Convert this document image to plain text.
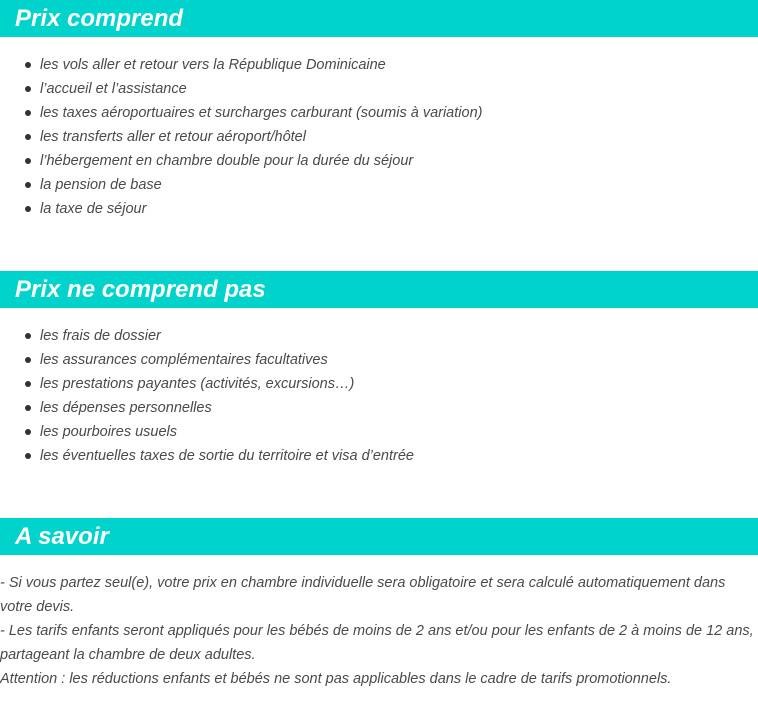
Prix comprend
les vols aller et retour vers la République Dominicaine
l’accueil et l’assistance
les taxes aéroportuaires et surcharges carburant (soumis à variation)
les transferts aller et retour aéroport/hôtel
l’hébergement en chambre double pour la durée du séjour
la pension de base
la taxe de séjour
Prix ne comprend pas
les frais de dossier
les assurances complémentaires facultatives
les prestations payantes (activités, excursions…)
les dépenses personnelles
les pourboires usuels
les éventuelles taxes de sortie du territoire et visa d’entrée
A savoir

- Si vous partez seul(e), votre prix en chambre individuelle sera obligatoire et sera calculé automatiquement dans votre devis.

- Les tarifs enfants seront appliqués pour les bébés de moins de 2 ans et/ou pour les enfants de 2 à moins de 12 ans, partageant la chambre de deux adultes.

Attention : les réductions enfants et bébés ne sont pas applicables dans le cadre de tarifs promotionnels.
